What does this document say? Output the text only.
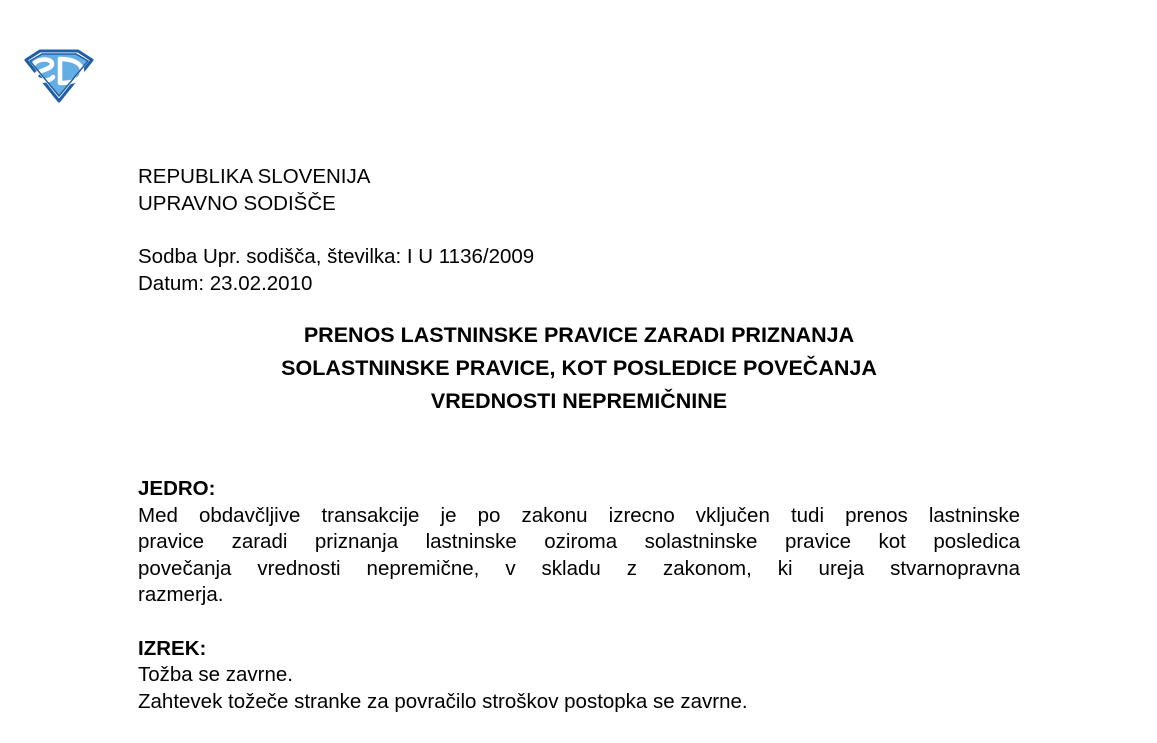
REPUBLIKA SLOVENIJA
UPRAVNO SODIŠČE
Sodba Upr. sodišča, številka: I U 1136/2009
Datum: 23.02.2010
PRENOS LASTNINSKE PRAVICE ZARADI PRIZNANJA
SOLASTNINSKE PRAVICE, KOT POSLEDICE POVEČANJA
VREDNOSTI NEPREMIČNINE
JEDRO:
Med obdavčljive transakcije je po zakonu izrecno vključen tudi prenos lastninske
pravice zaradi priznanja lastninske oziroma solastninske pravice kot posledica
povečanja vrednosti nepremične, v skladu z zakonom, ki ureja stvarnopravna
razmerja.
IZREK:
Tožba se zavrne.
Zahtevek tožeče stranke za povračilo stroškov postopka se zavrne.
